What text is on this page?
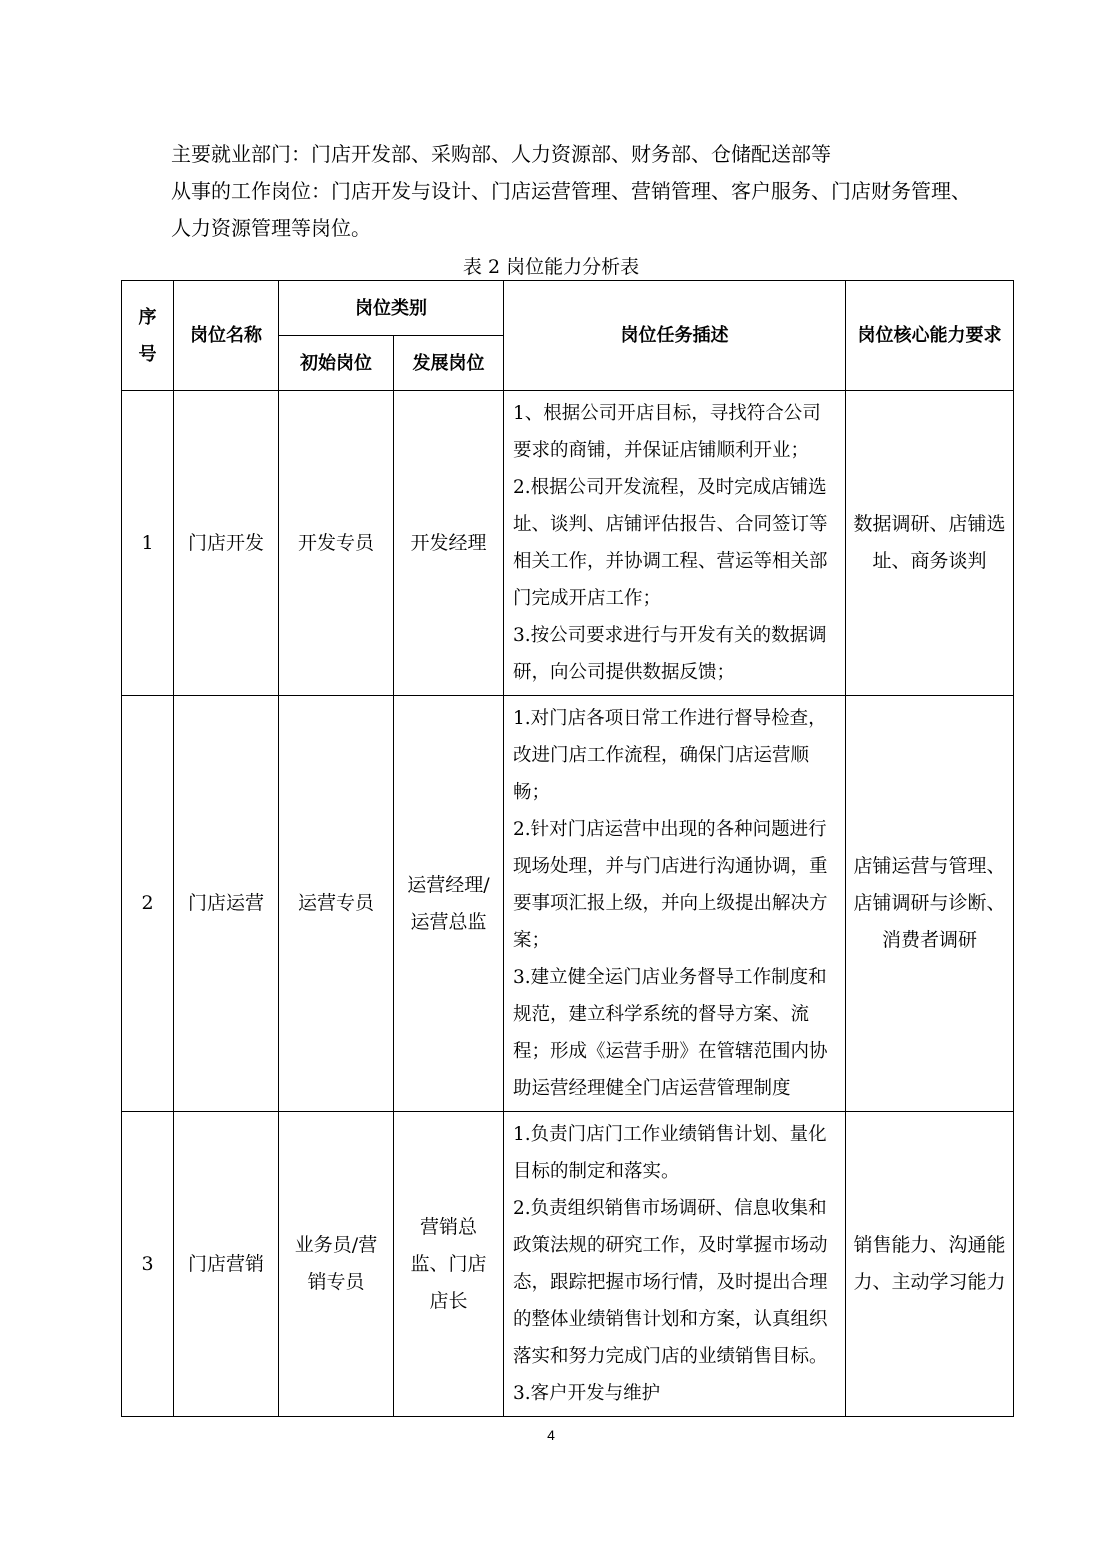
主要就业部门：门店开发部、采购部、人力资源部、财务部、仓储配送部等
从事的工作岗位：门店开发与设计、门店运营管理、营销管理、客户服务、门店财务管理、人力资源管理等岗位。
表 2 岗位能力分析表
序号	岗位名称	岗位类别		岗位任务插述	岗位核心能力要求
		初始岗位	发展岗位		
1	门店开发	开发专员	开发经理	1、根据公司开店目标，寻找符合公司要求的商铺，并保证店铺顺利开业；
2.根据公司开发流程，及时完成店铺选址、谈判、店铺评估报告、合同签订等相关工作，并协调工程、营运等相关部门完成开店工作；
3.按公司要求进行与开发有关的数据调研，向公司提供数据反馈；	数据调研、店铺选址、商务谈判
2	门店运营	运营专员	运营经理/运营总监	1.对门店各项日常工作进行督导检查，改进门店工作流程，确保门店运营顺畅；
2.针对门店运营中出现的各种问题进行现场处理，并与门店进行沟通协调，重要事项汇报上级，并向上级提出解决方案；
3.建立健全运门店业务督导工作制度和规范，建立科学系统的督导方案、流程；形成《运营手册》在管辖范围内协助运营经理健全门店运营管理制度	店铺运营与管理、店铺调研与诊断、消费者调研
3	门店营销	业务员/营销专员	营销总监、门店店长	1.负责门店门工作业绩销售计划、量化目标的制定和落实。
2.负责组织销售市场调研、信息收集和政策法规的研究工作，及时掌握市场动态，跟踪把握市场行情，及时提出合理的整体业绩销售计划和方案，认真组织落实和努力完成门店的业绩销售目标。
3.客户开发与维护	销售能力、沟通能力、主动学习能力
4
